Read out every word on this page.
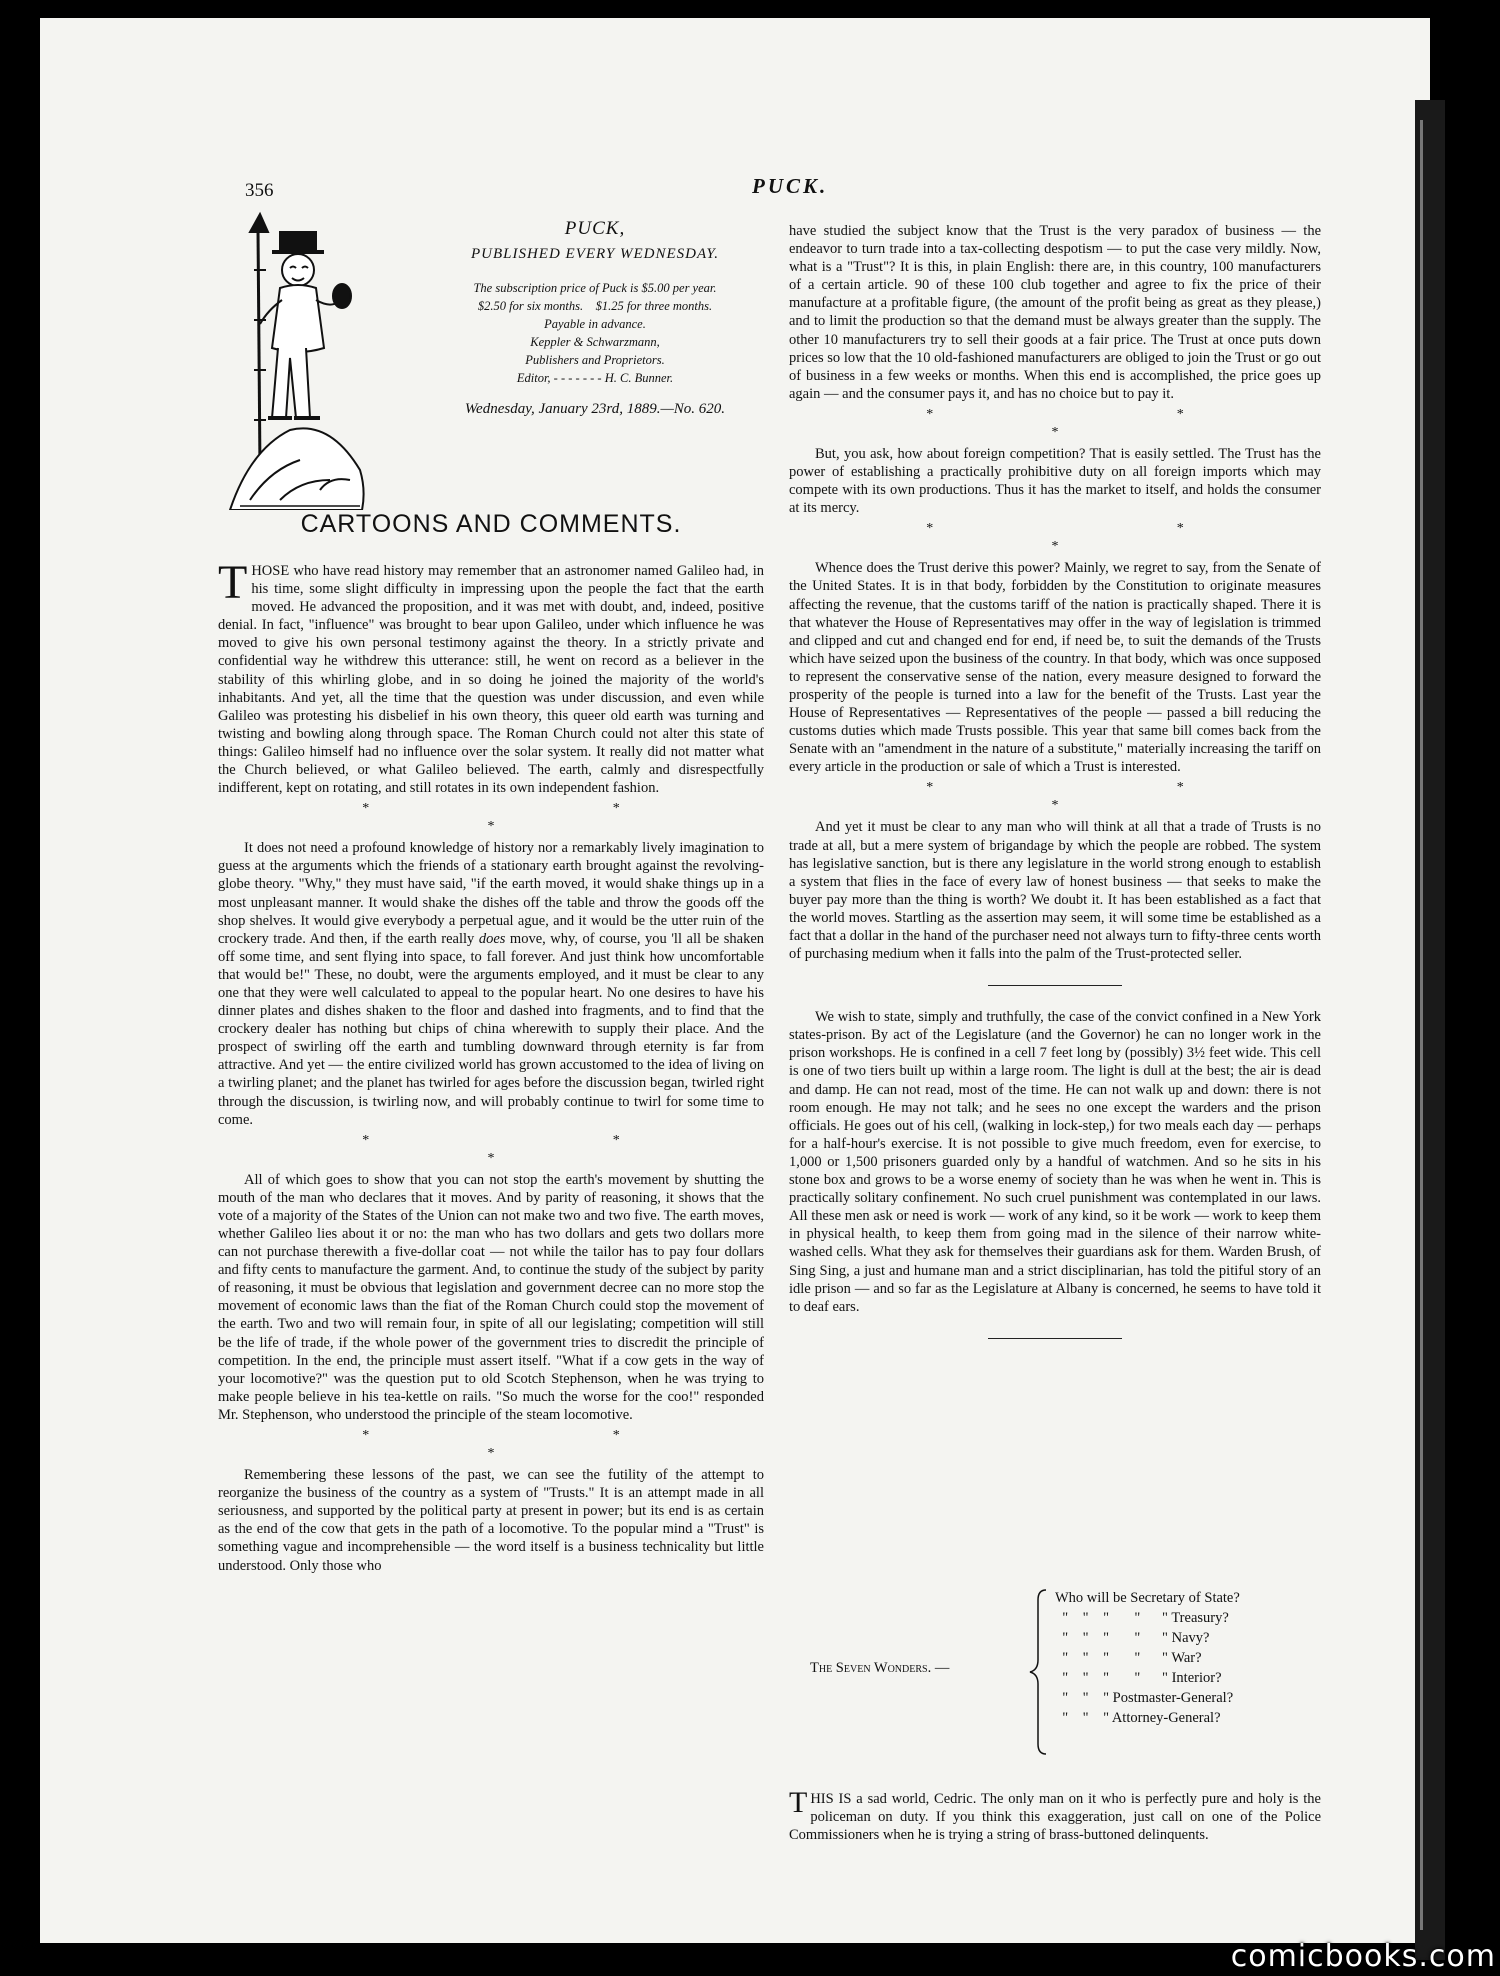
356	PUCK.
PUCK,
PUBLISHED EVERY WEDNESDAY.
The subscription price of Puck is $5.00 per year.
$2.50 for six months.    $1.25 for three months.
Payable in advance.
Keppler & Schwarzmann,
Publishers and Proprietors.
Editor, - - - - - - - H. C. Bunner.
Wednesday, January 23rd, 1889.—No. 620.
CARTOONS AND COMMENTS.

THOSE who have read history may remember that an astronomer named Galileo had, in his time, some slight difficulty in impressing upon the people the fact that the earth moved. He advanced the proposition, and it was met with doubt, and, indeed, positive denial. In fact, "influence" was brought to bear upon Galileo, under which influence he was moved to give his own personal testimony against the theory. In a strictly private and confidential way he withdrew this utterance: still, he went on record as a believer in the stability of this whirling globe, and in so doing he joined the majority of the world's inhabitants. And yet, all the time that the question was under discussion, and even while Galileo was protesting his disbelief in his own theory, this queer old earth was turning and twisting and bowling along through space. The Roman Church could not alter this state of things: Galileo himself had no influence over the solar system. It really did not matter what the Church believed, or what Galileo believed. The earth, calmly and disrespectfully indifferent, kept on rotating, and still rotates in its own independent fashion.

* * *

It does not need a profound knowledge of history nor a remarkably lively imagination to guess at the arguments which the friends of a stationary earth brought against the revolving-globe theory. "Why," they must have said, "if the earth moved, it would shake things up in a most unpleasant manner. It would shake the dishes off the table and throw the goods off the shop shelves. It would give everybody a perpetual ague, and it would be the utter ruin of the crockery trade. And then, if the earth really does move, why, of course, you 'll all be shaken off some time, and sent flying into space, to fall forever. And just think how uncomfortable that would be!" These, no doubt, were the arguments employed, and it must be clear to any one that they were well calculated to appeal to the popular heart. No one desires to have his dinner plates and dishes shaken to the floor and dashed into fragments, and to find that the crockery dealer has nothing but chips of china wherewith to supply their place. And the prospect of swirling off the earth and tumbling downward through eternity is far from attractive. And yet — the entire civilized world has grown accustomed to the idea of living on a twirling planet; and the planet has twirled for ages before the discussion began, twirled right through the discussion, is twirling now, and will probably continue to twirl for some time to come.

* * *

All of which goes to show that you can not stop the earth's movement by shutting the mouth of the man who declares that it moves. And by parity of reasoning, it shows that the vote of a majority of the States of the Union can not make two and two five. The earth moves, whether Galileo lies about it or no: the man who has two dollars and gets two dollars more can not purchase therewith a five-dollar coat — not while the tailor has to pay four dollars and fifty cents to manufacture the garment. And, to continue the study of the subject by parity of reasoning, it must be obvious that legislation and government decree can no more stop the movement of economic laws than the fiat of the Roman Church could stop the movement of the earth. Two and two will remain four, in spite of all our legislating; competition will still be the life of trade, if the whole power of the government tries to discredit the principle of competition. In the end, the principle must assert itself. "What if a cow gets in the way of your locomotive?" was the question put to old Scotch Stephenson, when he was trying to make people believe in his tea-kettle on rails. "So much the worse for the coo!" responded Mr. Stephenson, who understood the principle of the steam locomotive.

* * *

Remembering these lessons of the past, we can see the futility of the attempt to reorganize the business of the country as a system of "Trusts." It is an attempt made in all seriousness, and supported by the political party at present in power; but its end is as certain as the end of the cow that gets in the path of a locomotive. To the popular mind a "Trust" is something vague and incomprehensible — the word itself is a business technicality but little understood. Only those who

have studied the subject know that the Trust is the very paradox of business — the endeavor to turn trade into a tax-collecting despotism — to put the case very mildly. Now, what is a "Trust"? It is this, in plain English: there are, in this country, 100 manufacturers of a certain article. 90 of these 100 club together and agree to fix the price of their manufacture at a profitable figure, (the amount of the profit being as great as they please,) and to limit the production so that the demand must be always greater than the supply. The other 10 manufacturers try to sell their goods at a fair price. The Trust at once puts down prices so low that the 10 old-fashioned manufacturers are obliged to join the Trust or go out of business in a few weeks or months. When this end is accomplished, the price goes up again — and the consumer pays it, and has no choice but to pay it.

* * *

But, you ask, how about foreign competition? That is easily settled. The Trust has the power of establishing a practically prohibitive duty on all foreign imports which may compete with its own productions. Thus it has the market to itself, and holds the consumer at its mercy.

* * *

Whence does the Trust derive this power? Mainly, we regret to say, from the Senate of the United States. It is in that body, forbidden by the Constitution to originate measures affecting the revenue, that the customs tariff of the nation is practically shaped. There it is that whatever the House of Representatives may offer in the way of legislation is trimmed and clipped and cut and changed end for end, if need be, to suit the demands of the Trusts which have seized upon the business of the country. In that body, which was once supposed to represent the conservative sense of the nation, every measure designed to forward the prosperity of the people is turned into a law for the benefit of the Trusts. Last year the House of Representatives — Representatives of the people — passed a bill reducing the customs duties which made Trusts possible. This year that same bill comes back from the Senate with an "amendment in the nature of a substitute," materially increasing the tariff on every article in the production or sale of which a Trust is interested.

* * *

And yet it must be clear to any man who will think at all that a trade of Trusts is no trade at all, but a mere system of brigandage by which the people are robbed. The system has legislative sanction, but is there any legislature in the world strong enough to establish a system that flies in the face of every law of honest business — that seeks to make the buyer pay more than the thing is worth? We doubt it. It has been established as a fact that the world moves. Startling as the assertion may seem, it will some time be established as a fact that a dollar in the hand of the purchaser need not always turn to fifty-three cents worth of purchasing medium when it falls into the palm of the Trust-protected seller.

We wish to state, simply and truthfully, the case of the convict confined in a New York states-prison. By act of the Legislature (and the Governor) he can no longer work in the prison workshops. He is confined in a cell 7 feet long by (possibly) 3½ feet wide. This cell is one of two tiers built up within a large room. The light is dull at the best; the air is dead and damp. He can not read, most of the time. He can not walk up and down: there is not room enough. He may not talk; and he sees no one except the warders and the prison officials. He goes out of his cell, (walking in lock-step,) for two meals each day — perhaps for a half-hour's exercise. It is not possible to give much freedom, even for exercise, to 1,000 or 1,500 prisoners guarded only by a handful of watchmen. And so he sits in his stone box and grows to be a worse enemy of society than he was when he went in. This is practically solitary confinement. No such cruel punishment was contemplated in our laws. All these men ask or need is work — work of any kind, so it be work — work to keep them in physical health, to keep them from going mad in the silence of their narrow white-washed cells. What they ask for themselves their guardians ask for them. Warden Brush, of Sing Sing, a just and humane man and a strict disciplinarian, has told the pitiful story of an idle prison — and so far as the Legislature at Albany is concerned, he seems to have told it to deaf ears.

The Seven Wonders. —
Who will be Secretary of State?
"    "    "       "      " Treasury?
"    "    "       "      " Navy?
"    "    "       "      " War?
"    "    "       "      " Interior?
"    "    " Postmaster-General?
"    "    " Attorney-General?

THIS IS a sad world, Cedric. The only man on it who is perfectly pure and holy is the policeman on duty. If you think this exaggeration, just call on one of the Police Commissioners when he is trying a string of brass-buttoned delinquents.

comicbooks.com
